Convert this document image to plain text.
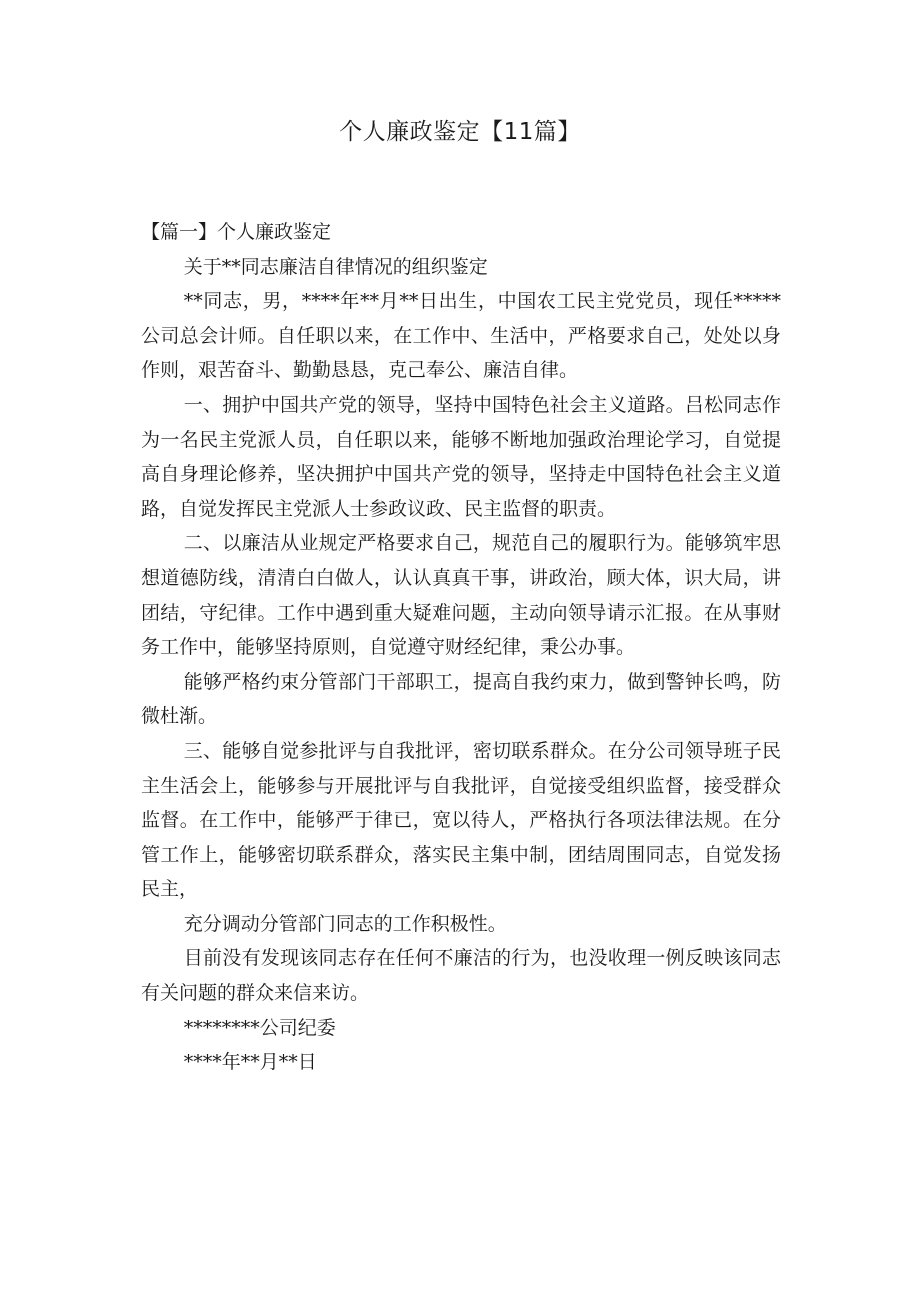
个人廉政鉴定【11篇】

【篇一】个人廉政鉴定

关于**同志廉洁自律情况的组织鉴定

**同志，男，****年**月**日出生，中国农工民主党党员，现任*****公司总会计师。自任职以来，在工作中、生活中，严格要求自己，处处以身作则，艰苦奋斗、勤勤恳恳，克己奉公、廉洁自律。

一、拥护中国共产党的领导，坚持中国特色社会主义道路。吕松同志作为一名民主党派人员，自任职以来，能够不断地加强政治理论学习，自觉提高自身理论修养，坚决拥护中国共产党的领导，坚持走中国特色社会主义道路，自觉发挥民主党派人士参政议政、民主监督的职责。

二、以廉洁从业规定严格要求自己，规范自己的履职行为。能够筑牢思想道德防线，清清白白做人，认认真真干事，讲政治，顾大体，识大局，讲团结，守纪律。工作中遇到重大疑难问题，主动向领导请示汇报。在从事财务工作中，能够坚持原则，自觉遵守财经纪律，秉公办事。

能够严格约束分管部门干部职工，提高自我约束力，做到警钟长鸣，防微杜渐。

三、能够自觉参批评与自我批评，密切联系群众。在分公司领导班子民主生活会上，能够参与开展批评与自我批评，自觉接受组织监督，接受群众监督。在工作中，能够严于律已，宽以待人，严格执行各项法律法规。在分管工作上，能够密切联系群众，落实民主集中制，团结周围同志，自觉发扬民主，

充分调动分管部门同志的工作积极性。

目前没有发现该同志存在任何不廉洁的行为，也没收理一例反映该同志有关问题的群众来信来访。

********公司纪委

****年**月**日
